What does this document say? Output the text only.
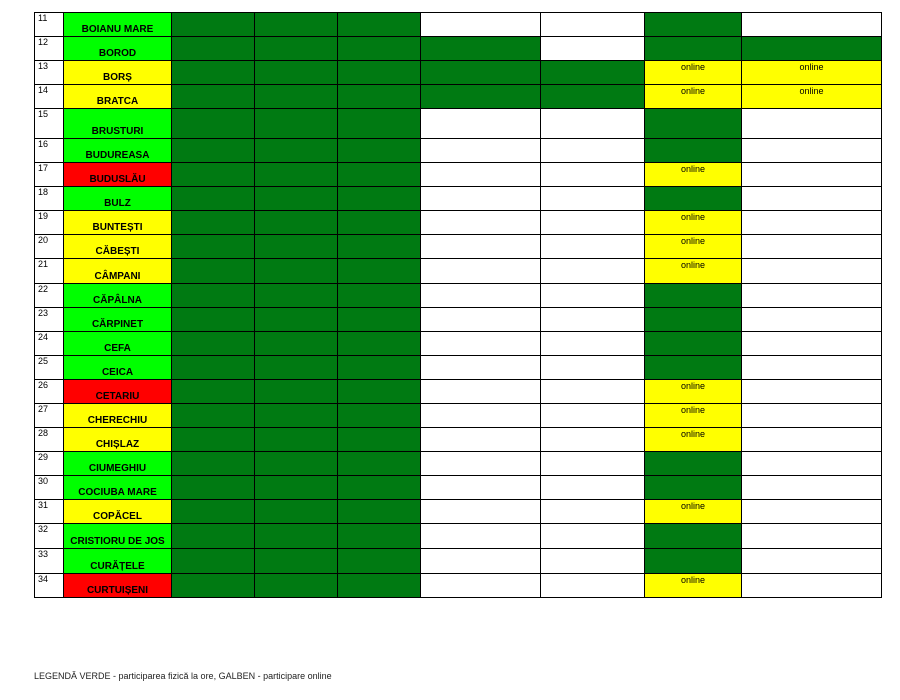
11	BOIANU MARE							
12	BOROD							
13	BORȘ						online	online
14	BRATCA						online	online
15	BRUSTURI							
16	BUDUREASA							
17	BUDUSLĂU						online	
18	BULZ							
19	BUNTEȘTI						online	
20	CĂBEȘTI						online	
21	CÂMPANI						online	
22	CĂPÂLNA							
23	CĂRPINET							
24	CEFA							
25	CEICA							
26	CETARIU						online	
27	CHERECHIU						online	
28	CHIȘLAZ						online	
29	CIUMEGHIU							
30	COCIUBA MARE							
31	COPĂCEL						online	
32	CRISTIORU DE JOS							
33	CURĂȚELE							
34	CURTUIȘENI						online	
LEGENDĂ VERDE - participarea fizică la ore, GALBEN - participare online
